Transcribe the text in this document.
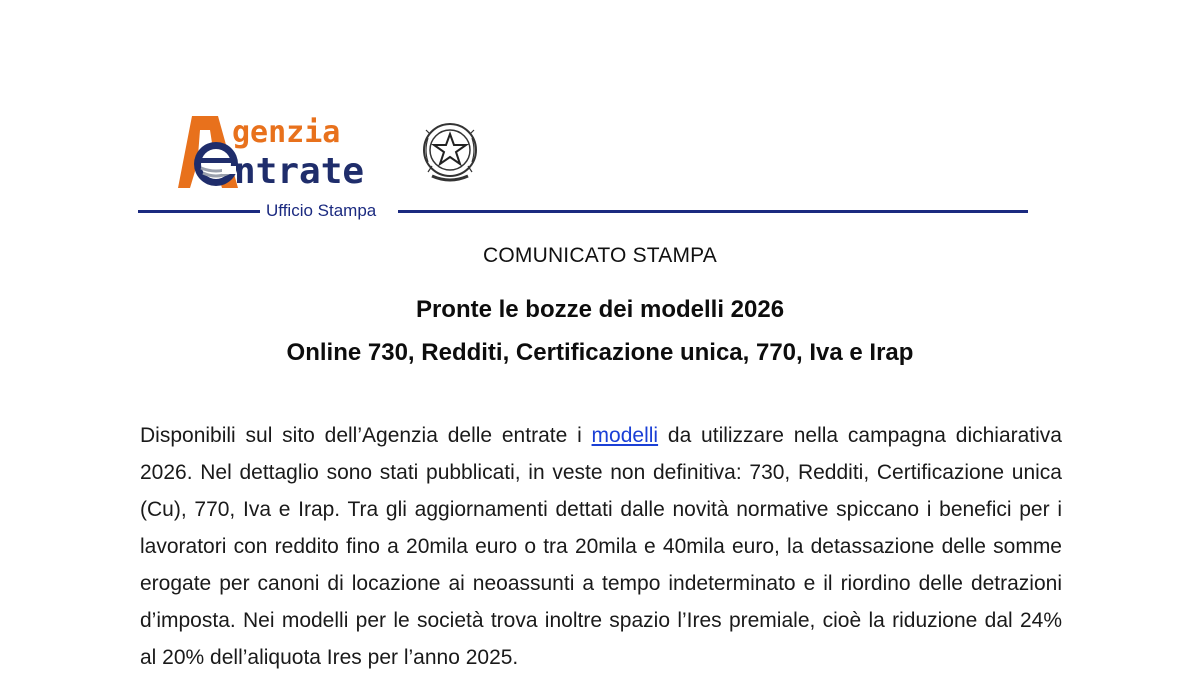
genzia
ntrate
Ufficio Stampa
COMUNICATO STAMPA
Pronte le bozze dei modelli 2026
Online 730, Redditi, Certificazione unica, 770, Iva e Irap

Disponibili sul sito dell’Agenzia delle entrate i modelli da utilizzare nella campagna dichiarativa 2026. Nel dettaglio sono stati pubblicati, in veste non definitiva: 730, Redditi, Certificazione unica (Cu), 770, Iva e Irap. Tra gli aggiornamenti dettati dalle novità normative spiccano i benefici per i lavoratori con reddito fino a 20mila euro o tra 20mila e 40mila euro, la detassazione delle somme erogate per canoni di locazione ai neoassunti a tempo indeterminato e il riordino delle detrazioni d’imposta. Nei modelli per le società trova inoltre spazio l’Ires premiale, cioè la riduzione dal 24% al 20% dell’aliquota Ires per l’anno 2025.
